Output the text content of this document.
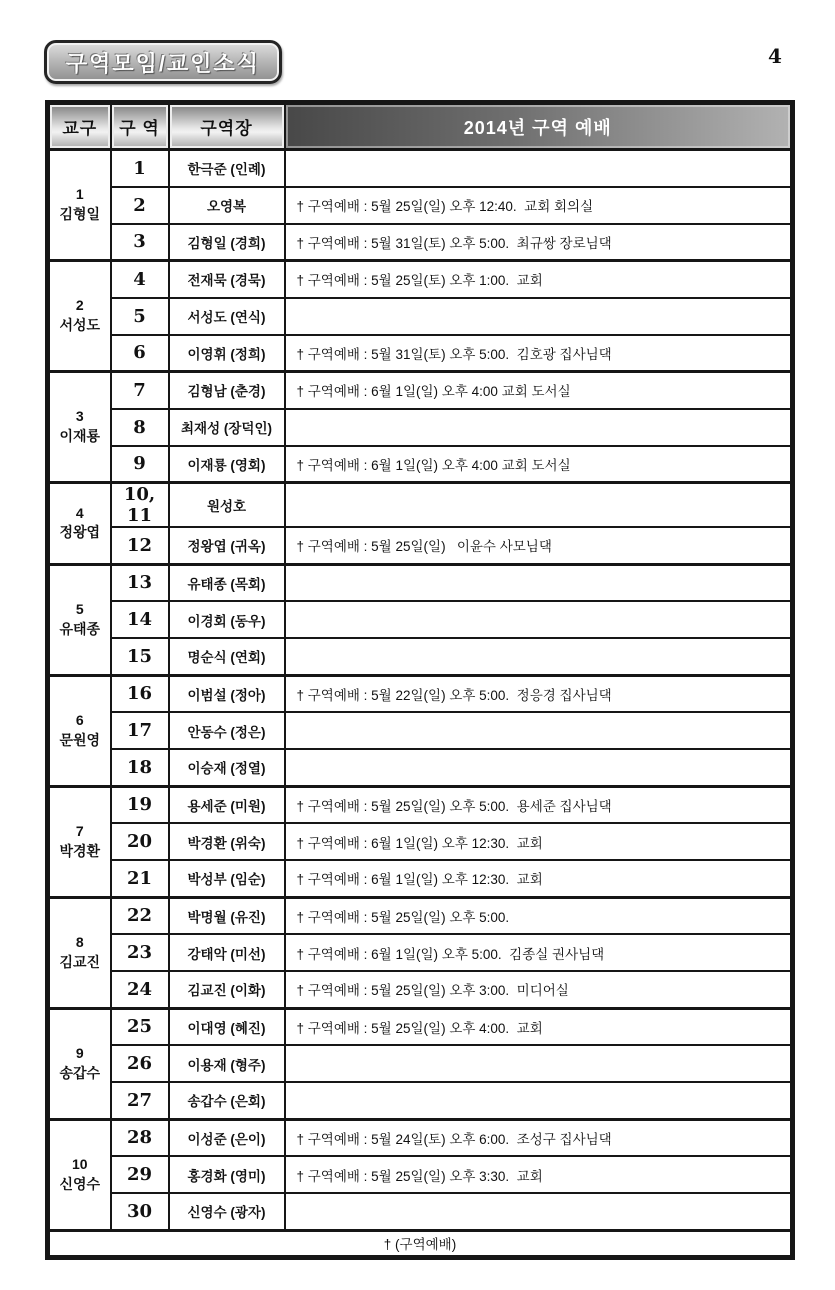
구역모임/교인소식	4
교구	구 역	구역장	2014년 구역 예배

1
김형일	1	한극준 (인례)	
	2	오영복	† 구역예배 : 5월 25일(일) 오후 12:40.  교회 회의실
	3	김형일 (경희)	† 구역예배 : 5월 31일(토) 오후 5:00.  최규쌍 장로님댁

2
서성도	4	전재묵 (경묵)	† 구역예배 : 5월 25일(토) 오후 1:00.  교회
	5	서성도 (연식)	
	6	이영휘 (정희)	† 구역예배 : 5월 31일(토) 오후 5:00.  김호광 집사님댁

3
이재룡	7	김형남 (춘경)	† 구역예배 : 6월 1일(일) 오후 4:00 교회 도서실
	8	최재성 (장덕인)	
	9	이재룡 (영회)	† 구역예배 : 6월 1일(일) 오후 4:00 교회 도서실

4
정왕엽	10, 11	원성호	
	12	정왕엽 (귀옥)	† 구역예배 : 5월 25일(일)   이윤수 사모님댁

5
유태종	13	유태종 (목회)	
	14	이경회 (동우)	
	15	명순식 (연회)	

6
문원영	16	이범설 (정아)	† 구역예배 : 5월 22일(일) 오후 5:00.  정응경 집사님댁
	17	안동수 (정은)	
	18	이승재 (정열)	

7
박경환	19	용세준 (미원)	† 구역예배 : 5월 25일(일) 오후 5:00.  용세준 집사님댁
	20	박경환 (위숙)	† 구역예배 : 6월 1일(일) 오후 12:30.  교회
	21	박성부 (임순)	† 구역예배 : 6월 1일(일) 오후 12:30.  교회

8
김교진	22	박명월 (유진)	† 구역예배 : 5월 25일(일) 오후 5:00.
	23	강태악 (미선)	† 구역예배 : 6월 1일(일) 오후 5:00.  김종실 권사님댁
	24	김교진 (이화)	† 구역예배 : 5월 25일(일) 오후 3:00.  미디어실

9
송갑수	25	이대영 (혜진)	† 구역예배 : 5월 25일(일) 오후 4:00.  교회
	26	이용재 (형주)	
	27	송갑수 (은회)	

10
신영수	28	이성준 (은이)	† 구역예배 : 5월 24일(토) 오후 6:00.  조성구 집사님댁
	29	홍경화 (영미)	† 구역예배 : 5월 25일(일) 오후 3:30.  교회
	30	신영수 (광자)	
† (구역예배)			
